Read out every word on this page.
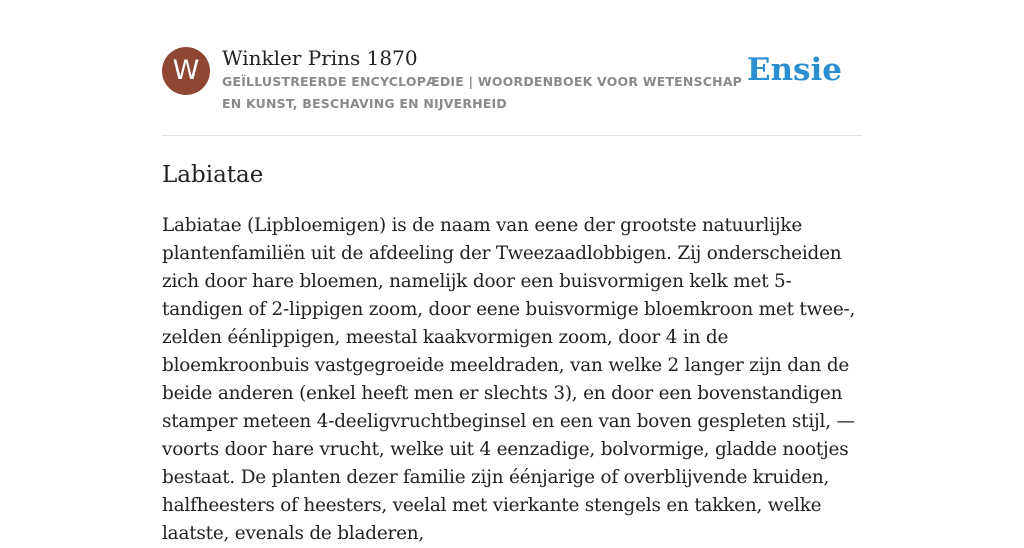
W	Winkler Prins 1870
GEÏLLUSTREERDE ENCYCLOPÆDIE | WOORDENBOEK VOOR WETENSCHAP EN KUNST, BESCHAVING EN NIJVERHEID
Ensie
Labiatae

Labiatae (Lipbloemigen) is de naam van eene der grootste natuurlijke plantenfamiliën uit de afdeeling der Tweezaadlobbigen. Zij onderscheiden zich door hare bloemen, namelijk door een buisvormigen kelk met 5-tandigen of 2-lippigen zoom, door eene buisvormige bloemkroon met twee-, zelden éénlippigen, meestal kaakvormigen zoom, door 4 in de bloemkroonbuis vastgegroeide meeldraden, van welke 2 langer zijn dan de beide anderen (enkel heeft men er slechts 3), en door een bovenstandigen stamper meteen 4-deeligvruchtbeginsel en een van boven gespleten stijl, — voorts door hare vrucht, welke uit 4 eenzadige, bolvormige, gladde nootjes bestaat. De planten dezer familie zijn éénjarige of overblijvende kruiden, halfheesters of heesters, veelal met vierkante stengels en takken, welke laatste, evenals de bladeren,
